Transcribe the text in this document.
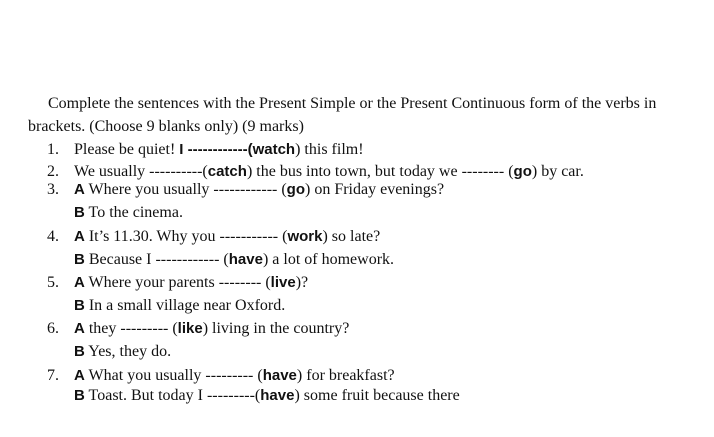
Complete the sentences with the Present Simple or the Present Continuous form of the verbs in brackets. (Choose 9 blanks only) (9 marks)

1. Please be quiet! I ------------(watch) this film!
2. We usually ----------(catch) the bus into town, but today we -------- (go) by car.
3.	A Where you usually ------------ (go) on Friday evenings?
B To the cinema.
4.	A It’s 11.30. Why you ----------- (work) so late?
B Because I ------------ (have) a lot of homework.
5.	A Where your parents -------- (live)?
B In a small village near Oxford.
6.	A they --------- (like) living in the country?
B Yes, they do.
7.	A What you usually --------- (have) for breakfast?
B Toast. But today I ---------(have) some fruit because there
